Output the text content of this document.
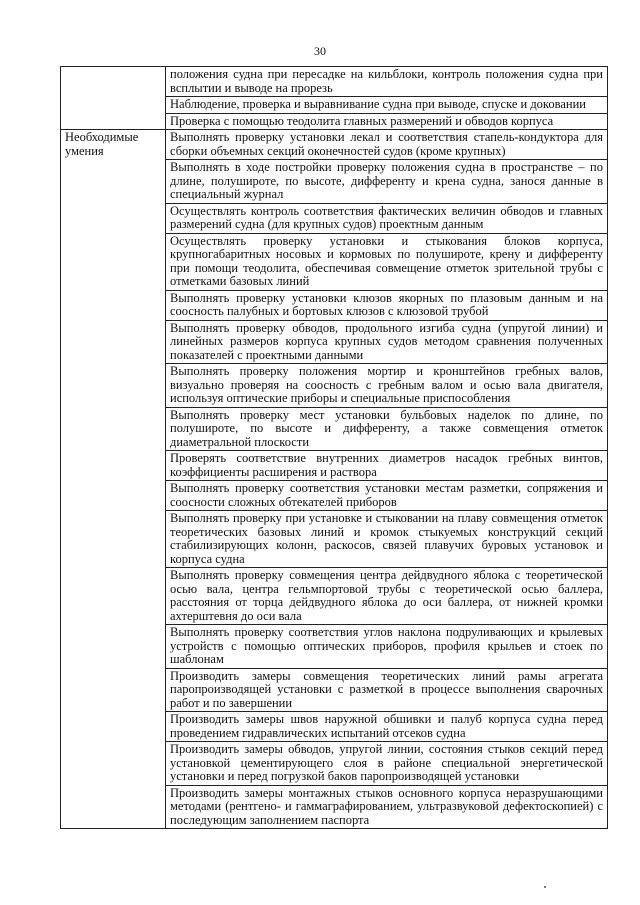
30
	положения судна при пересадке на кильблоки, контроль положения судна при всплытии и выводе на прорезь
	Наблюдение, проверка и выравнивание судна при выводе, спуске и доковании
	Проверка с помощью теодолита главных размерений и обводов корпуса
Необходимые умения	Выполнять проверку установки лекал и соответствия стапель-кондуктора для сборки объемных секций оконечностей судов (кроме крупных)
	Выполнять в ходе постройки проверку положения судна в пространстве – по длине, полуширoте, по высоте, дифференту и крена судна, занося данные в специальный журнал
	Осуществлять контроль соответствия фактических величин обводов и главных размерений судна (для крупных судов) проектным данным
	Осуществлять проверку установки и стыкования блоков корпуса, крупногабаритных носовых и кормовых по полуширoте, крену и дифференту при помощи теодолита, обеспечивая совмещение отметок зрительной трубы с отметками базовых линий
	Выполнять проверку установки клюзов якорных по плазовым данным и на соосность палубных и бортовых клюзов с клюзовой трубой
	Выполнять проверку обводов, продольного изгиба судна (упругой линии) и линейных размеров корпуса крупных судов методом сравнения полученных показателей с проектными данными
	Выполнять проверку положения мортир и кронштейнов гребных валов, визуально проверяя на соосность с гребным валом и осью вала двигателя, используя оптические приборы и специальные приспособления
	Выполнять проверку мест установки бульбовых наделок по длине, по полуширoте, по высоте и дифференту, а также совмещения отметок диаметральной плоскости
	Проверять соответствие внутренних диаметров насадок гребных винтов, коэффициенты расширения и раствора
	Выполнять проверку соответствия установки местам разметки, сопряжения и соосности сложных обтекателей приборов
	Выполнять проверку при установке и стыковании на плаву совмещения отметок теоретических базовых линий и кромок стыкуемых конструкций секций стабилизирующих колонн, раскосов, связей плавучих буровых установок и корпуса судна
	Выполнять проверку совмещения центра дейдвудного яблока с теоретической осью вала, центра гельмпортовой трубы с теоретической осью баллера, расстояния от торца дейдвудного яблока до оси баллера, от нижней кромки ахтерштевня до оси вала
	Выполнять проверку соответствия углов наклона подруливающих и крылевых устройств с помощью оптических приборов, профиля крыльев и стоек по шаблонам
	Производить замеры совмещения теоретических линий рамы агрегата паропроизводящей установки с разметкой в процессе выполнения сварочных работ и по завершении
	Производить замеры швов наружной обшивки и палуб корпуса судна перед проведением гидравлических испытаний отсеков судна
	Производить замеры обводов, упругой линии, состояния стыков секций перед установкой цементирующего слоя в районе специальной энергетической установки и перед погрузкой баков паропроизводящей установки
	Производить замеры монтажных стыков основного корпуса неразрушающими методами (рентгено- и гаммаграфированием, ультразвуковой дефектоскопией) с последующим заполнением паспорта
